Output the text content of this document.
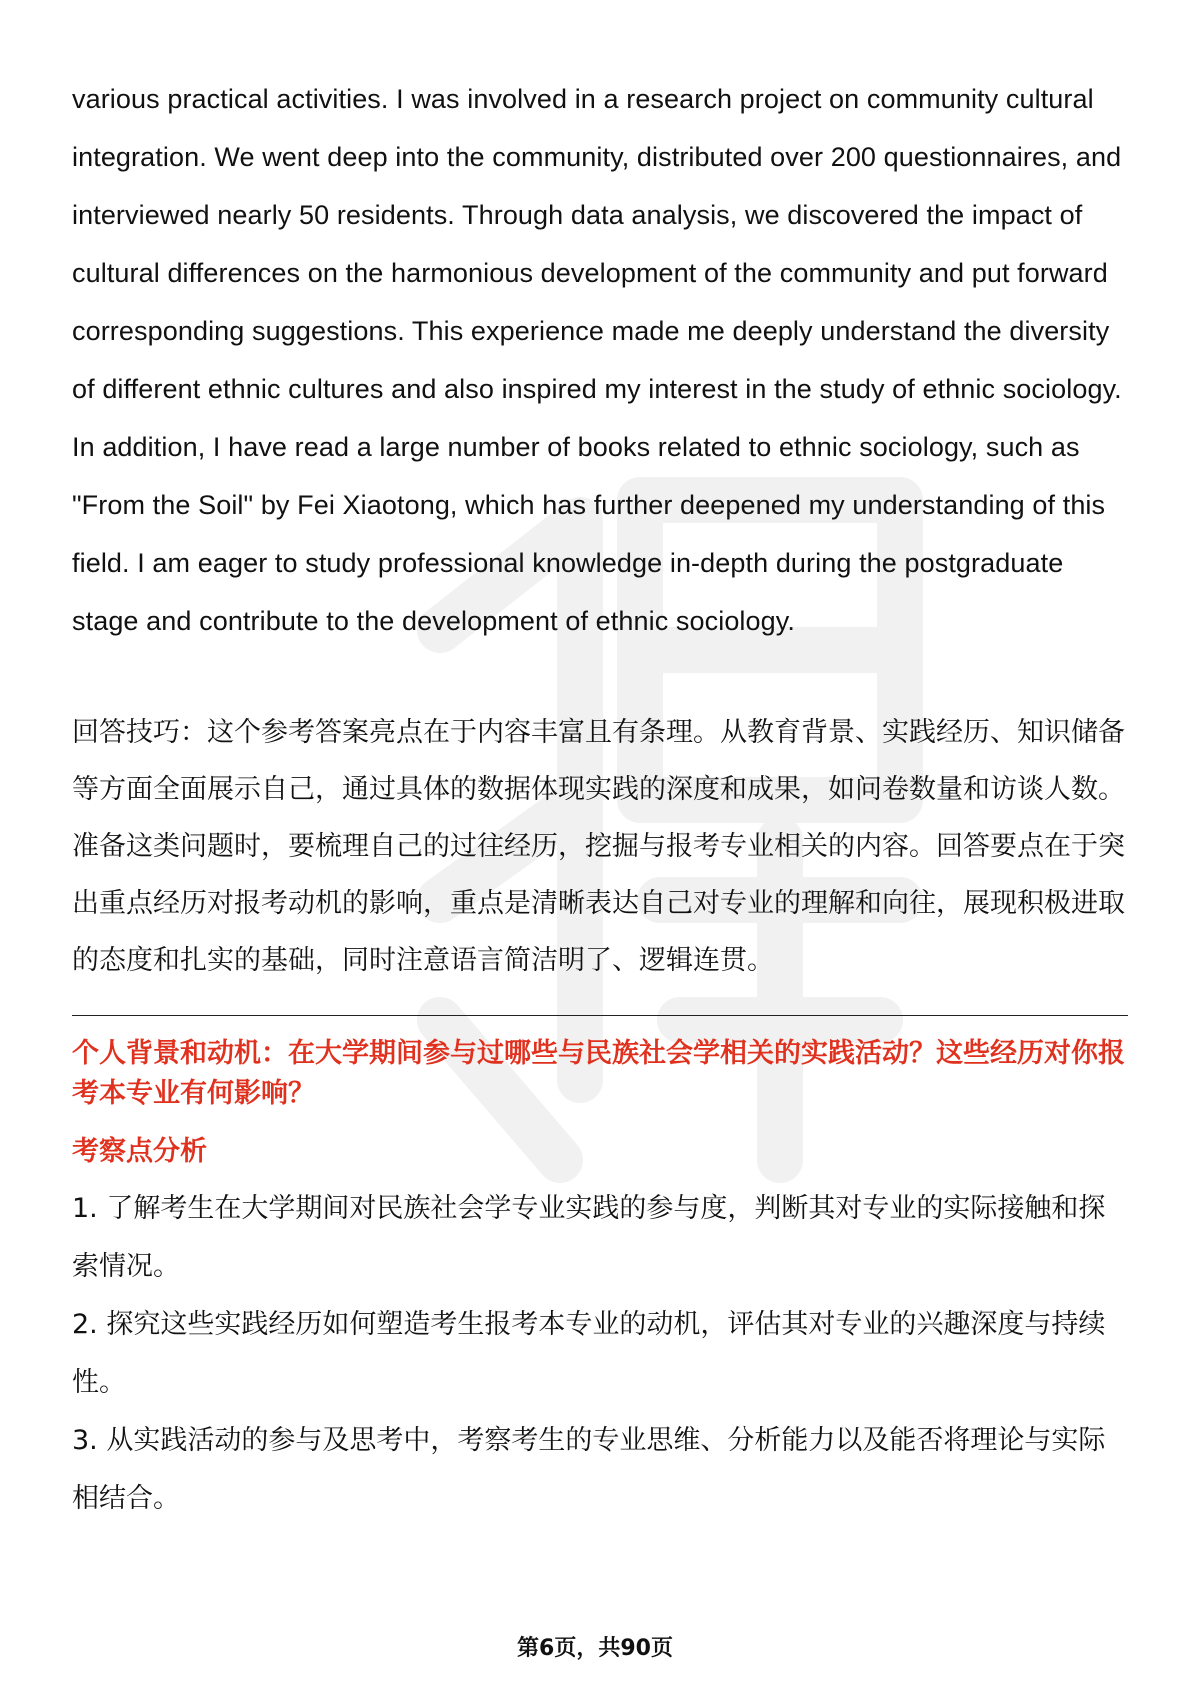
various practical activities. I was involved in a research project on community cultural integration. We went deep into the community, distributed over 200 questionnaires, and interviewed nearly 50 residents. Through data analysis, we discovered the impact of cultural differences on the harmonious development of the community and put forward corresponding suggestions. This experience made me deeply understand the diversity of different ethnic cultures and also inspired my interest in the study of ethnic sociology. In addition, I have read a large number of books related to ethnic sociology, such as "From the Soil" by Fei Xiaotong, which has further deepened my understanding of this field. I am eager to study professional knowledge in-depth during the postgraduate stage and contribute to the development of ethnic sociology.

回答技巧：这个参考答案亮点在于内容丰富且有条理。从教育背景、实践经历、知识储备等方面全面展示自己，通过具体的数据体现实践的深度和成果，如问卷数量和访谈人数。准备这类问题时，要梳理自己的过往经历，挖掘与报考专业相关的内容。回答要点在于突出重点经历对报考动机的影响，重点是清晰表达自己对专业的理解和向往，展现积极进取的态度和扎实的基础，同时注意语言简洁明了、逻辑连贯。

个人背景和动机：在大学期间参与过哪些与民族社会学相关的实践活动？这些经历对你报考本专业有何影响？
考察点分析
1. 了解考生在大学期间对民族社会学专业实践的参与度，判断其对专业的实际接触和探索情况。
2. 探究这些实践经历如何塑造考生报考本专业的动机，评估其对专业的兴趣深度与持续性。
3. 从实践活动的参与及思考中，考察考生的专业思维、分析能力以及能否将理论与实际相结合。
第6页，共90页
